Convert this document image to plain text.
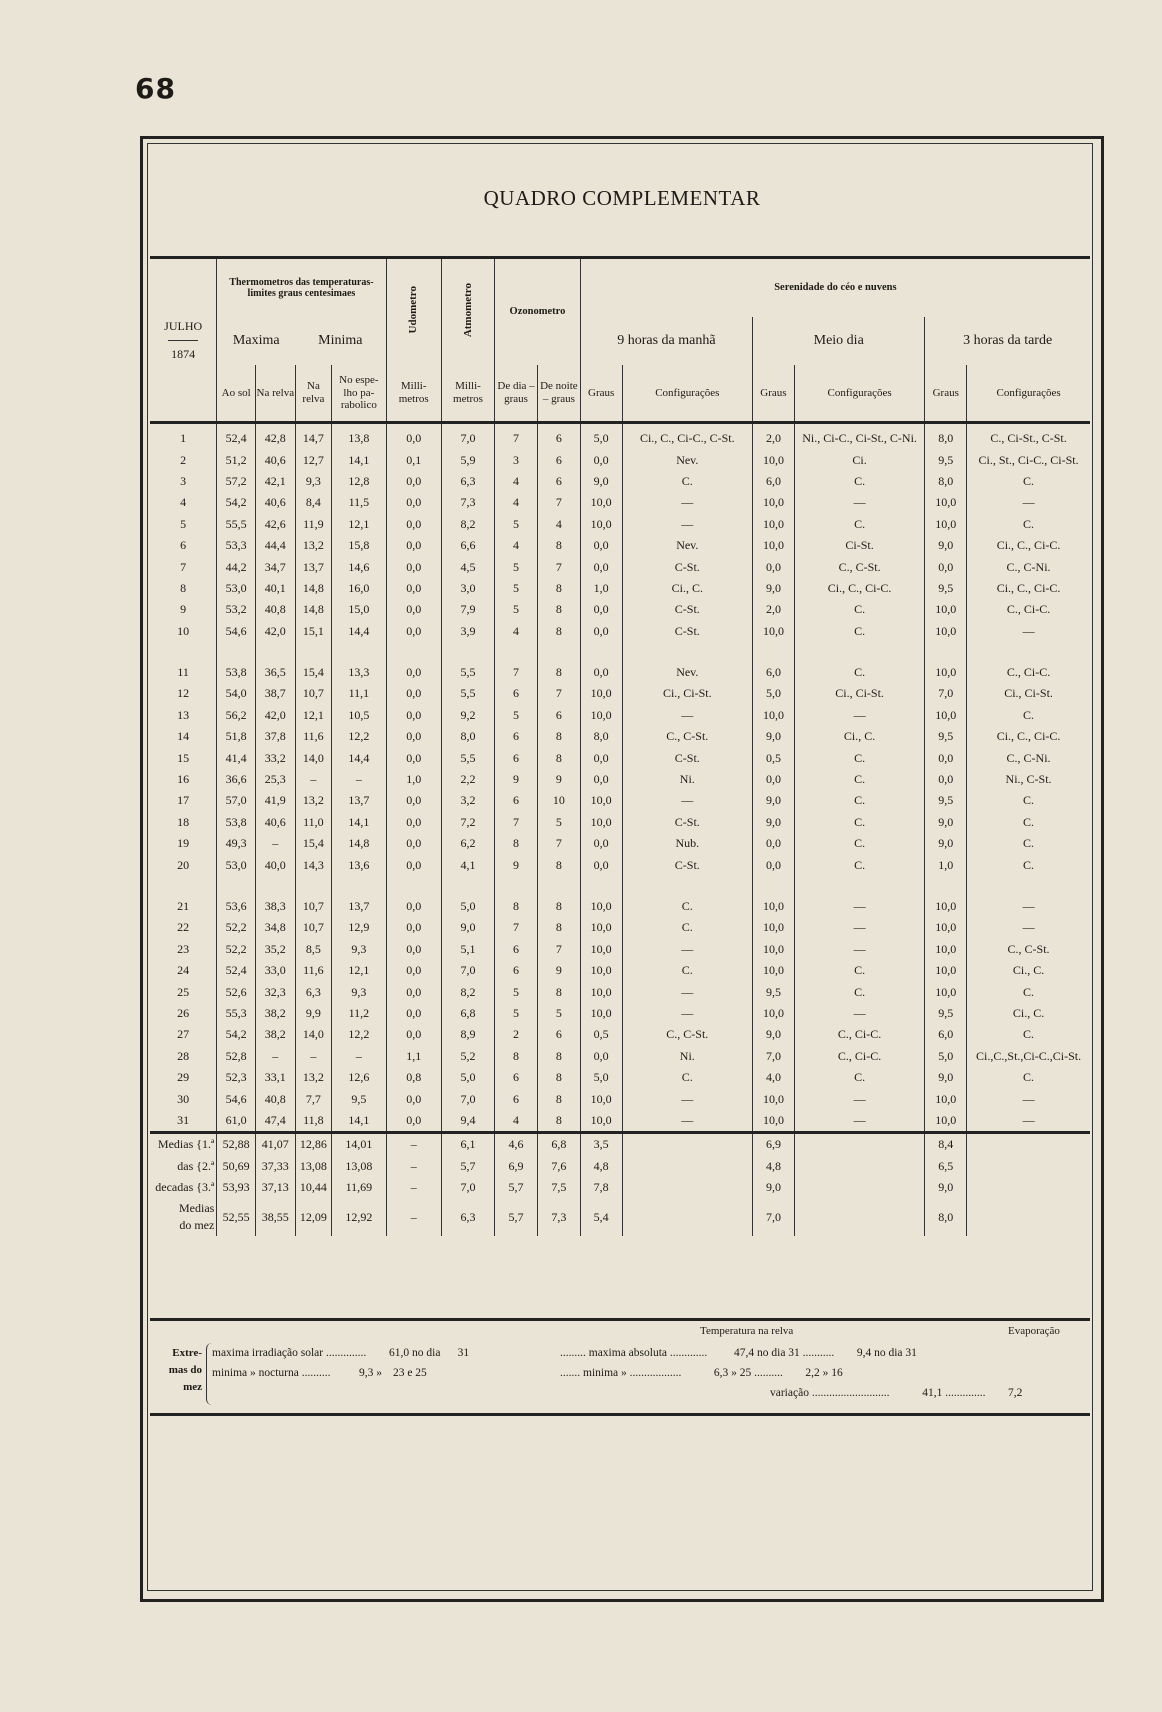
68
QUADRO COMPLEMENTAR
JULHO
1874	Thermometros das temperaturas-limites graus centesimaes				Udometro	Atmometro	Ozonometro		Serenidade do céo e nuvens					
	Maxima		Minima						9 horas da manhã		Meio dia		3 horas da tarde	
	Ao sol	Na relva	Na relva	No espe-lho pa-rabolico	Milli-metros	Milli-metros	De dia – graus	De noite – graus	Graus	Configurações	Graus	Configurações	Graus	Configurações
1	52,4	42,8	14,7	13,8	0,0	7,0	7	6	5,0	Ci., C., Ci-C., C-St.	2,0	Ni., Ci-C., Ci-St., C-Ni.	8,0	C., Ci-St., C-St.
2	51,2	40,6	12,7	14,1	0,1	5,9	3	6	0,0	Nev.	10,0	Ci.	9,5	Ci., St., Ci-C., Ci-St.
3	57,2	42,1	9,3	12,8	0,0	6,3	4	6	9,0	C.	6,0	C.	8,0	C.
4	54,2	40,6	8,4	11,5	0,0	7,3	4	7	10,0	—	10,0	—	10,0	—
5	55,5	42,6	11,9	12,1	0,0	8,2	5	4	10,0	—	10,0	C.	10,0	C.
6	53,3	44,4	13,2	15,8	0,0	6,6	4	8	0,0	Nev.	10,0	Ci-St.	9,0	Ci., C., Ci-C.
7	44,2	34,7	13,7	14,6	0,0	4,5	5	7	0,0	C-St.	0,0	C., C-St.	0,0	C., C-Ni.
8	53,0	40,1	14,8	16,0	0,0	3,0	5	8	1,0	Ci., C.	9,0	Ci., C., Ci-C.	9,5	Ci., C., Ci-C.
9	53,2	40,8	14,8	15,0	0,0	7,9	5	8	0,0	C-St.	2,0	C.	10,0	C., Ci-C.
10	54,6	42,0	15,1	14,4	0,0	3,9	4	8	0,0	C-St.	10,0	C.	10,0	—

11	53,8	36,5	15,4	13,3	0,0	5,5	7	8	0,0	Nev.	6,0	C.	10,0	C., Ci-C.
12	54,0	38,7	10,7	11,1	0,0	5,5	6	7	10,0	Ci., Ci-St.	5,0	Ci., Ci-St.	7,0	Ci., Ci-St.
13	56,2	42,0	12,1	10,5	0,0	9,2	5	6	10,0	—	10,0	—	10,0	C.
14	51,8	37,8	11,6	12,2	0,0	8,0	6	8	8,0	C., C-St.	9,0	Ci., C.	9,5	Ci., C., Ci-C.
15	41,4	33,2	14,0	14,4	0,0	5,5	6	8	0,0	C-St.	0,5	C.	0,0	C., C-Ni.
16	36,6	25,3	–	–	1,0	2,2	9	9	0,0	Ni.	0,0	C.	0,0	Ni., C-St.
17	57,0	41,9	13,2	13,7	0,0	3,2	6	10	10,0	—	9,0	C.	9,5	C.
18	53,8	40,6	11,0	14,1	0,0	7,2	7	5	10,0	C-St.	9,0	C.	9,0	C.
19	49,3	–	15,4	14,8	0,0	6,2	8	7	0,0	Nub.	0,0	C.	9,0	C.
20	53,0	40,0	14,3	13,6	0,0	4,1	9	8	0,0	C-St.	0,0	C.	1,0	C.

21	53,6	38,3	10,7	13,7	0,0	5,0	8	8	10,0	C.	10,0	—	10,0	—
22	52,2	34,8	10,7	12,9	0,0	9,0	7	8	10,0	C.	10,0	—	10,0	—
23	52,2	35,2	8,5	9,3	0,0	5,1	6	7	10,0	—	10,0	—	10,0	C., C-St.
24	52,4	33,0	11,6	12,1	0,0	7,0	6	9	10,0	C.	10,0	C.	10,0	Ci., C.
25	52,6	32,3	6,3	9,3	0,0	8,2	5	8	10,0	—	9,5	C.	10,0	C.
26	55,3	38,2	9,9	11,2	0,0	6,8	5	5	10,0	—	10,0	—	9,5	Ci., C.
27	54,2	38,2	14,0	12,2	0,0	8,9	2	6	0,5	C., C-St.	9,0	C., Ci-C.	6,0	C.
28	52,8	–	–	–	1,1	5,2	8	8	0,0	Ni.	7,0	C., Ci-C.	5,0	Ci.,C.,St.,Ci-C.,Ci-St.
29	52,3	33,1	13,2	12,6	0,8	5,0	6	8	5,0	C.	4,0	C.	9,0	C.
30	54,6	40,8	7,7	9,5	0,0	7,0	6	8	10,0	—	10,0	—	10,0	—
31	61,0	47,4	11,8	14,1	0,0	9,4	4	8	10,0	—	10,0	—	10,0	—
Medias {1.ª	52,88	41,07	12,86	14,01	–	6,1	4,6	6,8	3,5		6,9		8,4	
das {2.ª	50,69	37,33	13,08	13,08	–	5,7	6,9	7,6	4,8		4,8		6,5	
decadas {3.ª	53,93	37,13	10,44	11,69	–	7,0	5,7	7,5	7,8		9,0		9,0	

Medias
do mez	52,55	38,55	12,09	12,92	–	6,3	5,7	7,3	5,4		7,0		8,0	
Extre-
mas do
mez
Temperatura na relva	Evaporação
maxima irradiação solar .............. 61,0 no dia 31	......... maxima absoluta ............. 47,4 no dia 31 ........... 9,4 no dia 31
minima » nocturna .......... 9,3 » 23 e 25	....... minima » ..................	6,3 » 25 .......... 2,2 » 16
variação ...........................	41,1 .............. 7,2
